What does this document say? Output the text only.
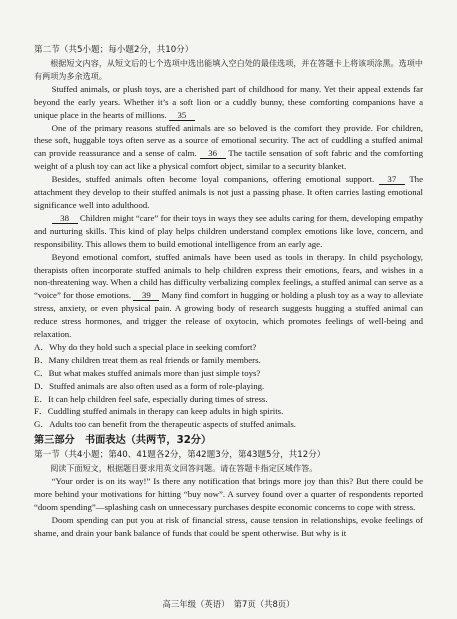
第二节（共5小题；每小题2分，共10分）

根据短文内容，从短文后的七个选项中选出能填入空白处的最佳选项，并在答题卡上将该项涂黑。选项中有两项为多余选项。

Stuffed animals, or plush toys, are a cherished part of childhood for many. Yet their appeal extends far beyond the early years. Whether it’s a soft lion or a cuddly bunny, these comforting companions have a unique place in the hearts of millions. 35

One of the primary reasons stuffed animals are so beloved is the comfort they provide. For children, these soft, huggable toys often serve as a source of emotional security. The act of cuddling a stuffed animal can provide reassurance and a sense of calm. 36 The tactile sensation of soft fabric and the comforting weight of a plush toy can act like a physical comfort object, similar to a security blanket.

Besides, stuffed animals often become loyal companions, offering emotional support. 37 The attachment they develop to their stuffed animals is not just a passing phase. It often carries lasting emotional significance well into adulthood.

38 Children might “care” for their toys in ways they see adults caring for them, developing empathy and nurturing skills. This kind of play helps children understand complex emotions like love, concern, and responsibility. This allows them to build emotional intelligence from an early age.

Beyond emotional comfort, stuffed animals have been used as tools in therapy. In child psychology, therapists often incorporate stuffed animals to help children express their emotions, fears, and wishes in a non-threatening way. When a child has difficulty verbalizing complex feelings, a stuffed animal can serve as a “voice” for those emotions. 39 Many find comfort in hugging or holding a plush toy as a way to alleviate stress, anxiety, or even physical pain. A growing body of research suggests hugging a stuffed animal can reduce stress hormones, and trigger the release of oxytocin, which promotes feelings of well-being and relaxation.

A．Why do they hold such a special place in seeking comfort?

B．Many children treat them as real friends or family members.

C．But what makes stuffed animals more than just simple toys?

D．Stuffed animals are also often used as a form of role-playing.

E．It can help children feel safe, especially during times of stress.

F．Cuddling stuffed animals in therapy can keep adults in high spirits.

G．Adults too can benefit from the therapeutic aspects of stuffed animals.

第三部分　书面表达（共两节，32分）

第一节（共4小题；第40、41题各2分，第42题3分，第43题5分，共12分）

阅读下面短文，根据题目要求用英文回答问题。请在答题卡指定区域作答。

“Your order is on its way!” Is there any notification that brings more joy than this? But there could be more behind your motivations for hitting “buy now”. A survey found over a quarter of respondents reported “doom spending”—splashing cash on unnecessary purchases despite economic concerns to cope with stress.

Doom spending can put you at risk of financial stress, cause tension in relationships, evoke feelings of shame, and drain your bank balance of funds that could be spent otherwise. But why is it

高三年级（英语）　第7页（共8页）
